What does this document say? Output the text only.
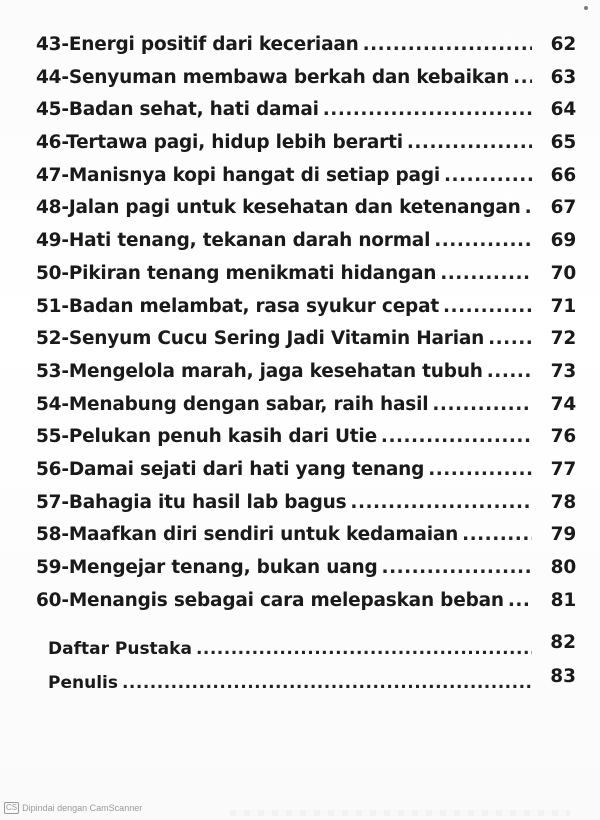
43-Energi positif dari keceriaan .....	62
44-Senyuman membawa berkah dan kebaikan .....	63
45-Badan sehat, hati damai .....	64
46-Tertawa pagi, hidup lebih berarti .....	65
47-Manisnya kopi hangat di setiap pagi .....	66
48-Jalan pagi untuk kesehatan dan ketenangan .....	67
49-Hati tenang, tekanan darah normal .....	69
50-Pikiran tenang menikmati hidangan .....	70
51-Badan melambat, rasa syukur cepat .....	71
52-Senyum Cucu Sering Jadi Vitamin Harian .....	72
53-Mengelola marah, jaga kesehatan tubuh .....	73
54-Menabung dengan sabar, raih hasil .....	74
55-Pelukan penuh kasih dari Utie .....	76
56-Damai sejati dari hati yang tenang .....	77
57-Bahagia itu hasil lab bagus .....	78
58-Maafkan diri sendiri untuk kedamaian .....	79
59-Mengejar tenang, bukan uang .....	80
60-Menangis sebagai cara melepaskan beban .....	81
Daftar Pustaka .....	82
Penulis .....	83
CS Dipindai dengan CamScanner
